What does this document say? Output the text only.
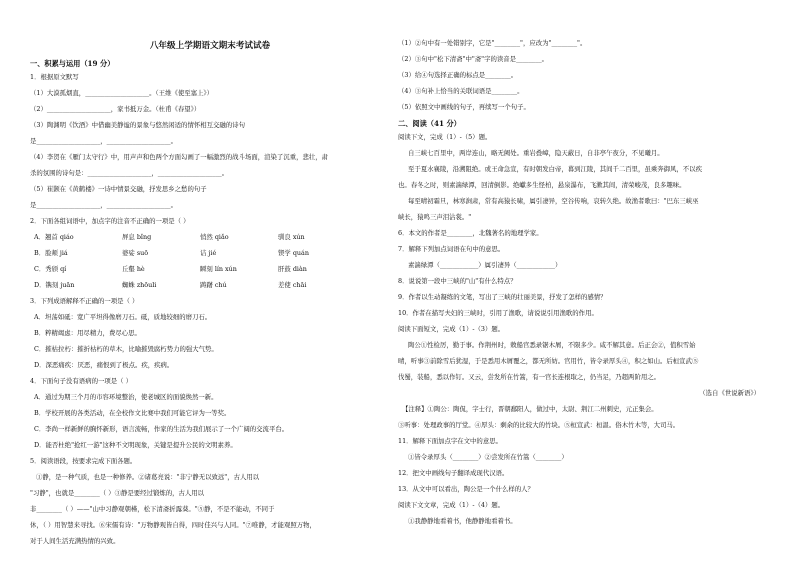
八年级上学期语文期末考试试卷
一、积累与运用（19 分）
1．根据原文默写
（1）大漠孤烟直，____________________。（王维《使至塞上》）
（2）____________________，家书抵万金。（杜甫《春望》）
（3）陶渊明《饮酒》中借幽美静谧的景象与悠然闲适的情怀相互交融的诗句
是____________________，____________________。
（4）李贺在《雁门太守行》中，用声声和色两个方面勾画了一幅激烈的战斗场面，渲染了沉重，悲壮，肃
杀的氛围的诗句是：____________________，____________________。
（5）崔颢在《黄鹤楼》一诗中情景交融，抒发思乡之愁的句子
是____________________，____________________。
2．下面各组词语中，加点字的注音不正确的一项是（ ）
A．翘首 qiáo	屏息 bǐng	悄然 qiǎo	驯良 xún
B．脸颊 jiá	婆娑 suō	诘 jié	锲学 quán
C．秀颀 qí	丘壑 hè	瞬刻 lín xún	肝鼓 diàn
D．镌刻 juān	蜘蛛 zhōuli	踌躇 chú	差使 chāi
3．下列成语解释不正确的一项是（ ）
A．坦荡如砥：宽广平坦得像磨刀石。砥，质地较细的磨刀石。
B．粹精竭虑：用尽精力，费尽心思。
C．摧枯拉朽：摧折枯朽的草木，比喻摧毁腐朽势力的强大气势。
D．深恶痛疾：厌恶，痛恨到了极点。疾，疾病。
4．下面句子没有语病的一项是（ ）
A．通过为期三个月的市容环境整治，使老城区的面貌焕然一新。
B．学校开展的各类活动，在全校作文比赛中我们可能它评为一等奖。
C．李尚一样新鲜的胸怀新形，语言流畅，作家的生活为我们展示了一个广阔的交流平台。
D．能否杜绝"抢红一游"这种不文明现象，关键是提升公民的文明素养。
5．阅读语段，按要求完成下面各题。
①静，是一种气质，也是一种修养。②诸葛亮说："非宁静无以致远"，古人用以
"习静"，也就是________（ ）③静是要经过锻炼的，古人用以
非________（ ）——"山中习静观朝槿，松下清斋折露葵。"⑤静，不是不能动，不同于
休，（ ）用智慧来寻找。⑥宋儒有诗："万物静观皆自得，四时佳兴与人同。"⑦唯静，才能观照万物，
对于人间生活充满热情的兴致。
（1）②句中有一处错别字，它是"________"，应改为"________"。
（2）③句中"松下清斋"中"斋"字的读音是________。
（3）给④句选择正确的标点是________。
（4）③句补上恰当的关联词语是________。
（5）依照文中画线的句子，再续写一个句子。
二、阅读（41 分）
阅读下文，完成（1）-（5）题。
自三峡七百里中，两岸连山，略无阙处。重岩叠嶂，隐天蔽日，自非亭午夜分，不见曦月。
至于夏水襄陵，沿溯阻绝。或王命急宣，有时朝发白帝，暮到江陵，其间千二百里，虽乘奔御风，不以疾
也。春冬之时，则素湍绿潭，回清倒影。绝巘多生怪柏，悬泉瀑布，飞漱其间，清荣峻茂，良多趣味。
每至晴初霜旦，林寒涧肃，常有高猿长啸，属引凄异，空谷传响，哀转久绝。故渔者歌曰："巴东三峡巫
峡长，猿鸣三声泪沾裳。"
6．本文的作者是________，北魏著名的地理学家。
7．解释下列加点词语在句中的意思。
素湍绿潭（____________）属引凄异（____________）
8．说说第一段中三峡的"山"有什么特点？
9．作者以生动凝练的文笔，写出了三峡的壮丽美景，抒发了怎样的感情？
10．作者在描写夫妇的三峡时，引用了渔歌，请说说引用渔歌的作用。
阅读下面短文，完成（1）-（3）题。
陶公①性检厉，勤于事。作荆州时，敕船官悉录锯木屑，不限多少。咸不解其意。后正会②，值积雪始
晴，听事③前除雪后犹湿，于是悉用木屑覆之，都无所妨。官用竹，皆令录厚头④，积之如山。后桓宣武⑤
伐蜀，装船，悉以作钉。又云，尝发所在竹篙，有一官长连根取之，仍当足，乃超两阶用之。
（选自《世说新语》）
【注释】①陶公：陶侃，字士行，晋朝鄱阳人，做过中，太尉、荆江二州刺史，元正集会。
③听事：处理政事的厅堂。④厚头：剩余的比较大的竹块。⑤桓宣武：桓温。俗木竹木等，大司马。
11．解释下面加点字在文中的意思。
①皆令录厚头（________）②尝发所在竹篙（________）
12．把文中画线句子翻译成现代汉语。
13．从文中可以看出，陶公是一个什么样的人？
阅读下文文章，完成（1）-（4）题。
①我静静地看着书，他静静地看着书。
